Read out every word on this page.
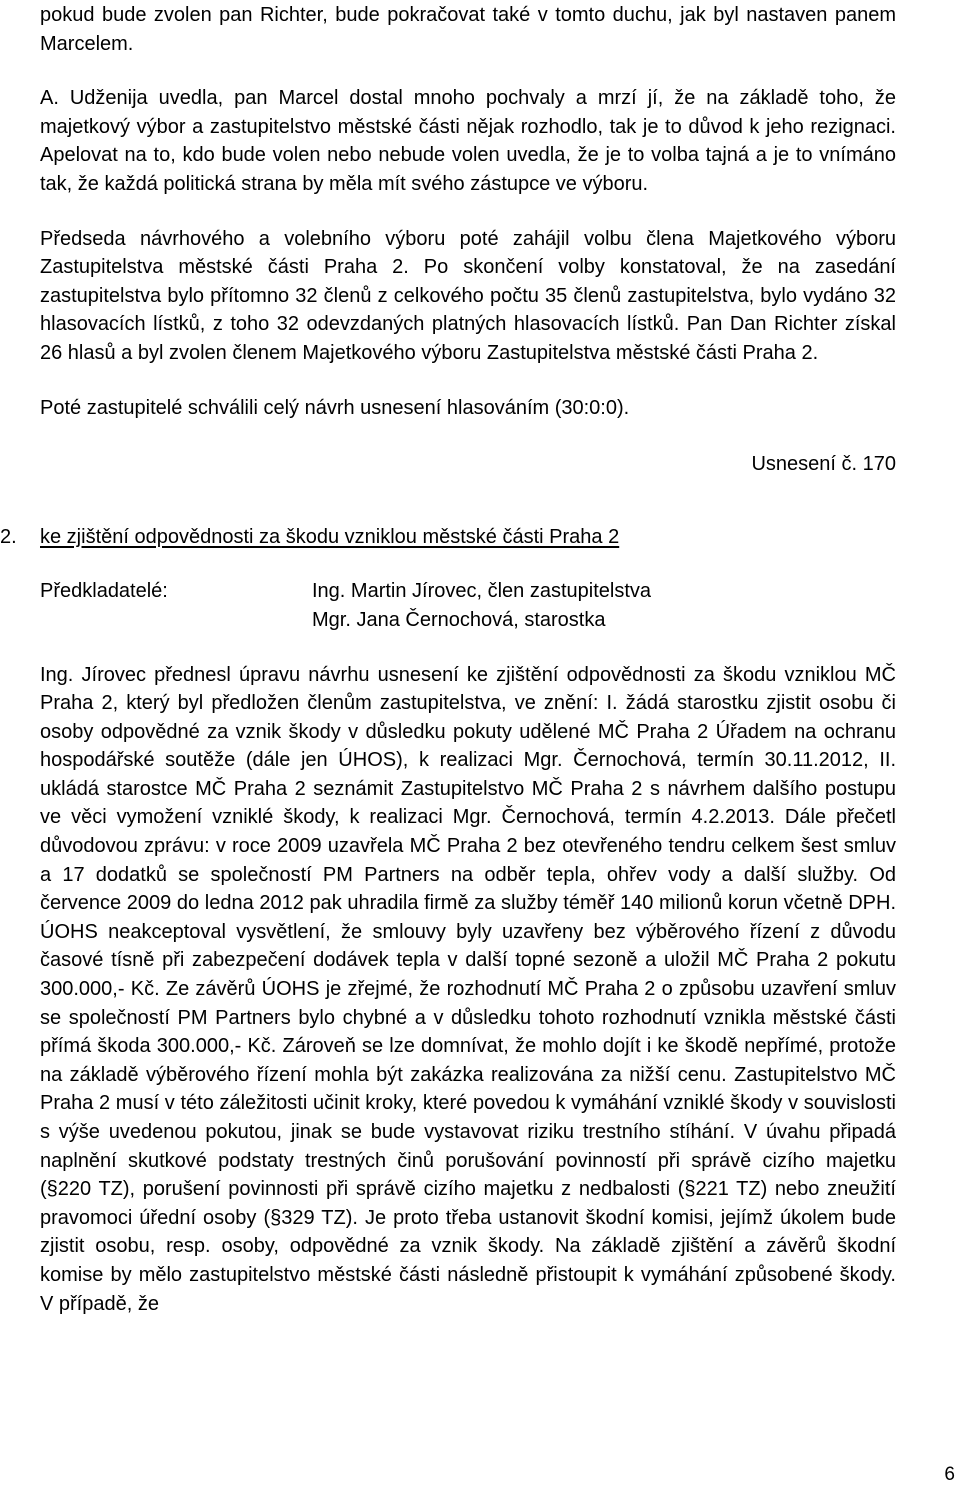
pokud bude zvolen pan Richter, bude pokračovat také v tomto duchu, jak byl nastaven panem Marcelem.

A. Udženija uvedla, pan Marcel dostal mnoho pochvaly a mrzí jí, že na základě toho, že majetkový výbor a zastupitelstvo městské části nějak rozhodlo, tak je to důvod k jeho rezignaci. Apelovat na to, kdo bude volen nebo nebude volen uvedla, že je to volba tajná a je to vnímáno tak, že každá politická strana by měla mít svého zástupce ve výboru.

Předseda návrhového a volebního výboru poté zahájil volbu člena Majetkového výboru Zastupitelstva městské části Praha 2. Po skončení volby konstatoval, že na zasedání zastupitelstva bylo přítomno 32 členů z celkového počtu 35 členů zastupitelstva, bylo vydáno 32 hlasovacích lístků, z toho 32 odevzdaných platných hlasovacích lístků. Pan Dan Richter získal 26 hlasů a byl zvolen členem Majetkového výboru Zastupitelstva městské části Praha 2.

Poté zastupitelé schválili celý návrh usnesení hlasováním (30:0:0).

Usnesení č. 170

2. ke zjištění odpovědnosti za škodu vzniklou městské části Praha 2
Předkladatelé:	Ing. Martin Jírovec, člen zastupitelstva
Mgr. Jana Černochová, starostka

Ing. Jírovec přednesl úpravu návrhu usnesení ke zjištění odpovědnosti za škodu vzniklou MČ Praha 2, který byl předložen členům zastupitelstva, ve znění: I. žádá starostku zjistit osobu či osoby odpovědné za vznik škody v důsledku pokuty udělené MČ Praha 2 Úřadem na ochranu hospodářské soutěže (dále jen ÚHOS), k realizaci Mgr. Černochová, termín 30.11.2012, II. ukládá starostce MČ Praha 2 seznámit Zastupitelstvo MČ Praha 2 s návrhem dalšího postupu ve věci vymožení vzniklé škody, k realizaci Mgr. Černochová, termín 4.2.2013. Dále přečetl důvodovou zprávu: v roce 2009 uzavřela MČ Praha 2 bez otevřeného tendru celkem šest smluv a 17 dodatků se společností PM Partners na odběr tepla, ohřev vody a další služby. Od července 2009 do ledna 2012 pak uhradila firmě za služby téměř 140 milionů korun včetně DPH. ÚOHS neakceptoval vysvětlení, že smlouvy byly uzavřeny bez výběrového řízení z důvodu časové tísně při zabezpečení dodávek tepla v další topné sezoně a uložil MČ Praha 2 pokutu 300.000,- Kč. Ze závěrů ÚOHS je zřejmé, že rozhodnutí MČ Praha 2 o způsobu uzavření smluv se společností PM Partners bylo chybné a v důsledku tohoto rozhodnutí vznikla městské části přímá škoda 300.000,- Kč. Zároveň se lze domnívat, že mohlo dojít i ke škodě nepřímé, protože na základě výběrového řízení mohla být zakázka realizována za nižší cenu. Zastupitelstvo MČ Praha 2 musí v této záležitosti učinit kroky, které povedou k vymáhání vzniklé škody v souvislosti s výše uvedenou pokutou, jinak se bude vystavovat riziku trestního stíhání. V úvahu připadá naplnění skutkové podstaty trestných činů porušování povinností při správě cizího majetku (§220 TZ), porušení povinnosti při správě cizího majetku z nedbalosti (§221 TZ) nebo zneužití pravomoci úřední osoby (§329 TZ). Je proto třeba ustanovit škodní komisi, jejímž úkolem bude zjistit osobu, resp. osoby, odpovědné za vznik škody. Na základě zjištění a závěrů škodní komise by mělo zastupitelstvo městské části následně přistoupit k vymáhání způsobené škody. V případě, že

6
